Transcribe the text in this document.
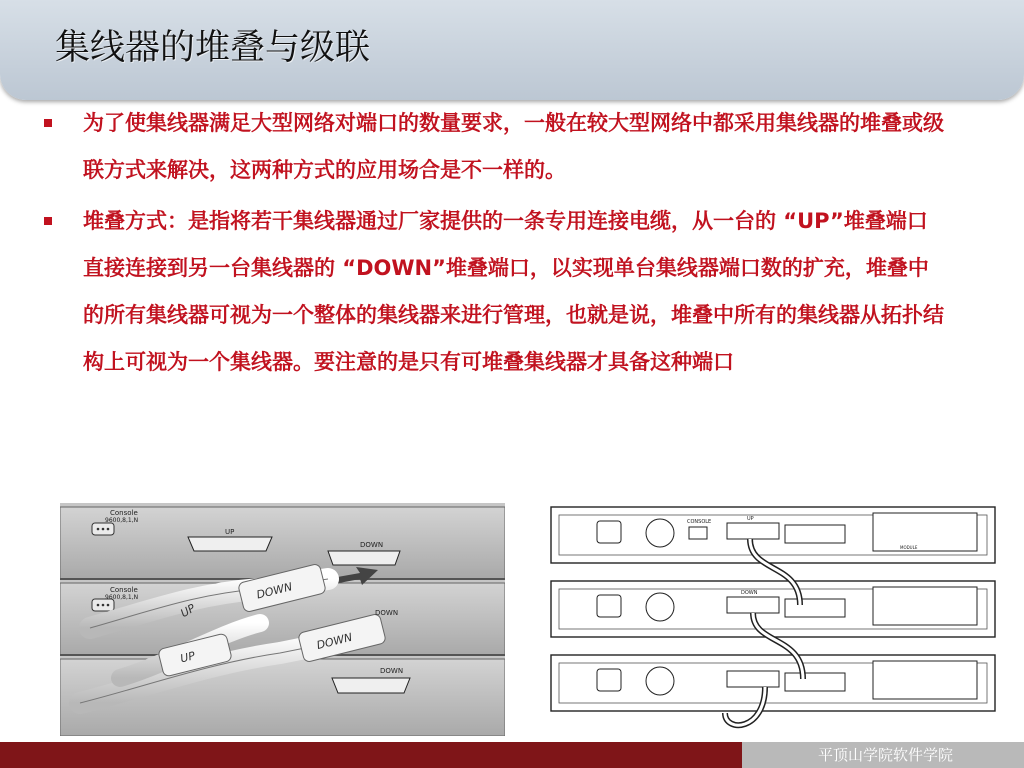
集线器的堆叠与级联
为了使集线器满足大型网络对端口的数量要求，一般在较大型网络中都采用集线器的堆叠或级联方式来解决，这两种方式的应用场合是不一样的。
堆叠方式：是指将若干集线器通过厂家提供的一条专用连接电缆，从一台的 “UP”堆叠端口直接连接到另一台集线器的 “DOWN”堆叠端口，以实现单台集线器端口数的扩充，堆叠中的所有集线器可视为一个整体的集线器来进行管理，也就是说，堆叠中所有的集线器从拓扑结构上可视为一个集线器。要注意的是只有可堆叠集线器才具备这种端口
Console
9600,8,1,N
UP
DOWN
Console
9600,8,1,N	DOWN
UP	DOWN
DOWN
UP
DOWN
CONSOLE	UP
MODULE
DOWN
平顶山学院软件学院
